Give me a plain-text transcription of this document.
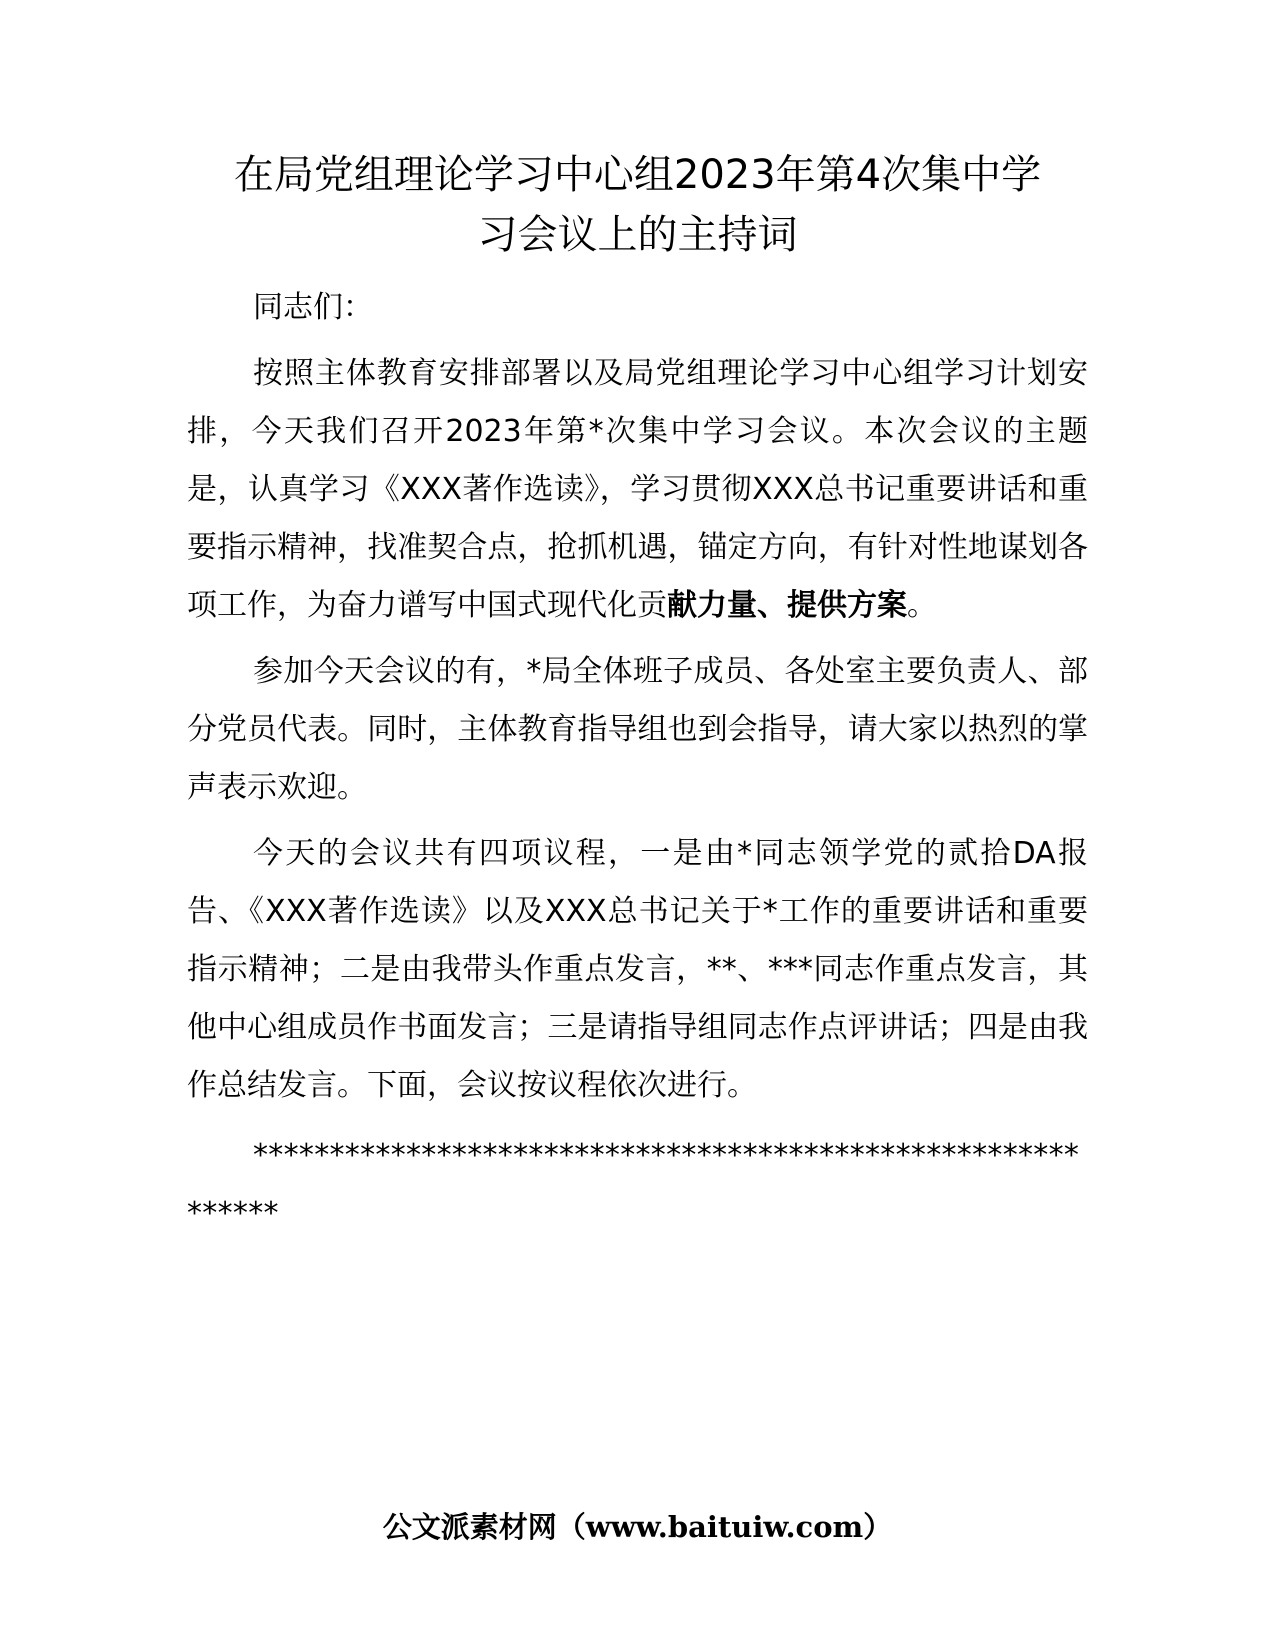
在局党组理论学习中心组2023年第4次集中学
习会议上的主持词

同志们：

按照主体教育安排部署以及局党组理论学习中心组学习计划安排，今天我们召开2023年第*次集中学习会议。本次会议的主题是，认真学习《XXX著作选读》，学习贯彻XXX总书记重要讲话和重要指示精神，找准契合点，抢抓机遇，锚定方向，有针对性地谋划各项工作，为奋力谱写中国式现代化贡献力量、提供方案。

参加今天会议的有，*局全体班子成员、各处室主要负责人、部分党员代表。同时，主体教育指导组也到会指导，请大家以热烈的掌声表示欢迎。

今天的会议共有四项议程，一是由*同志领学党的贰拾DA报告、《XXX著作选读》以及XXX总书记关于*工作的重要讲话和重要指示精神；二是由我带头作重点发言，**、***同志作重点发言，其他中心组成员作书面发言；三是请指导组同志作点评讲话；四是由我作总结发言。下面，会议按议程依次进行。

************************************************************

公文派素材网（www.baituiw.com）
